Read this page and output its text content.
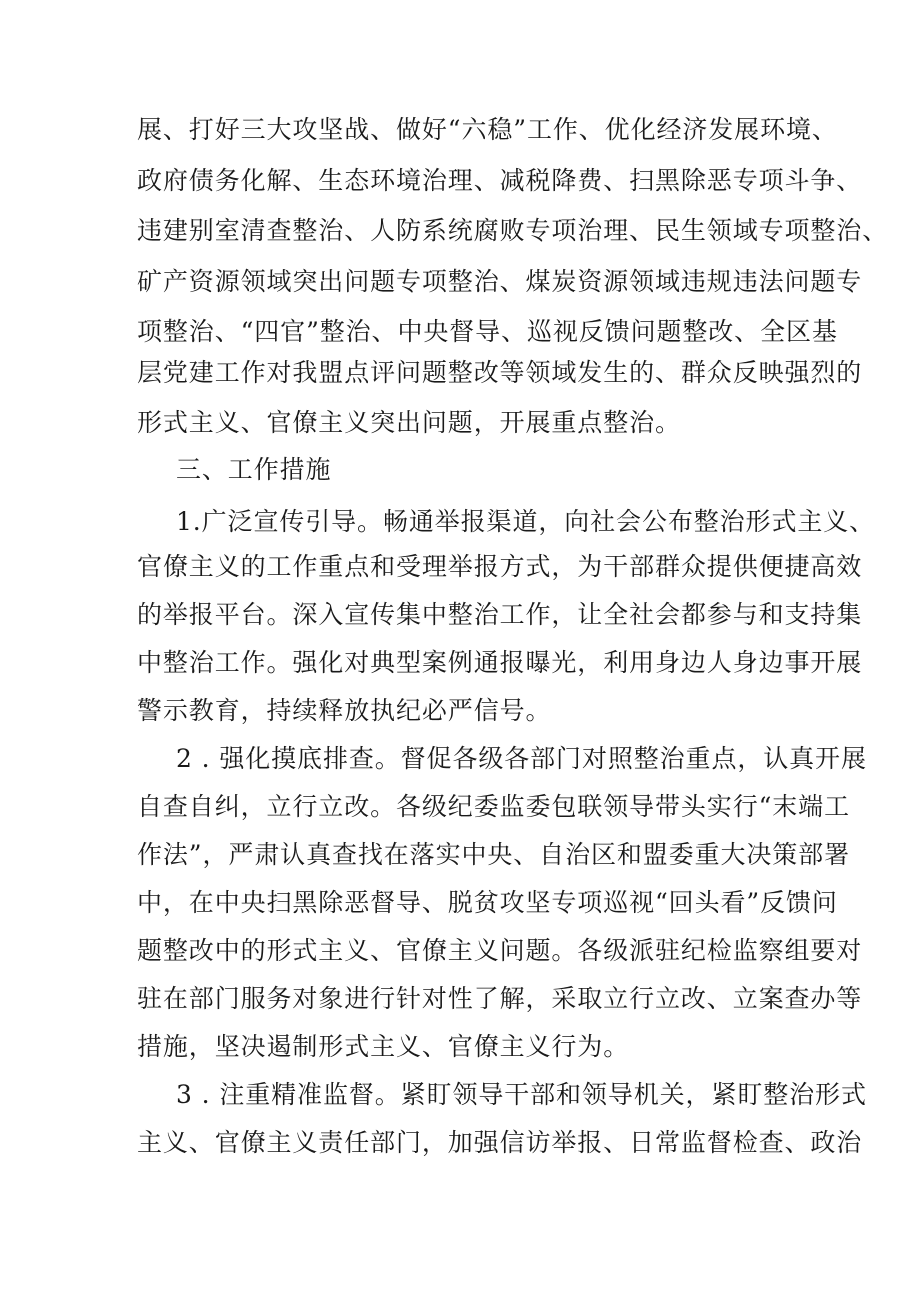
展、打好三大攻坚战、做好“六稳”工作、优化经济发展环境、
政府债务化解、生态环境治理、减税降费、扫黑除恶专项斗争、
违建别室清查整治、人防系统腐败专项治理、民生领域专项整治、
矿产资源领域突出问题专项整治、煤炭资源领域违规违法问题专
项整治、“四官”整治、中央督导、巡视反馈问题整改、全区基
层党建工作对我盟点评问题整改等领域发生的、群众反映强烈的
形式主义、官僚主义突出问题，开展重点整治。
三、工作措施
1.广泛宣传引导。畅通举报渠道，向社会公布整治形式主义、
官僚主义的工作重点和受理举报方式，为干部群众提供便捷高效
的举报平台。深入宣传集中整治工作，让全社会都参与和支持集
中整治工作。强化对典型案例通报曝光，利用身边人身边事开展
警示教育，持续释放执纪必严信号。
2 . 强化摸底排查。督促各级各部门对照整治重点，认真开展
自查自纠，立行立改。各级纪委监委包联领导带头实行“末端工
作法”，严肃认真查找在落实中央、自治区和盟委重大决策部署
中，在中央扫黑除恶督导、脱贫攻坚专项巡视“回头看”反馈问
题整改中的形式主义、官僚主义问题。各级派驻纪检监察组要对
驻在部门服务对象进行针对性了解，采取立行立改、立案查办等
措施，坚决遏制形式主义、官僚主义行为。
3 . 注重精准监督。紧盯领导干部和领导机关，紧盯整治形式
主义、官僚主义责任部门，加强信访举报、日常监督检查、政治
